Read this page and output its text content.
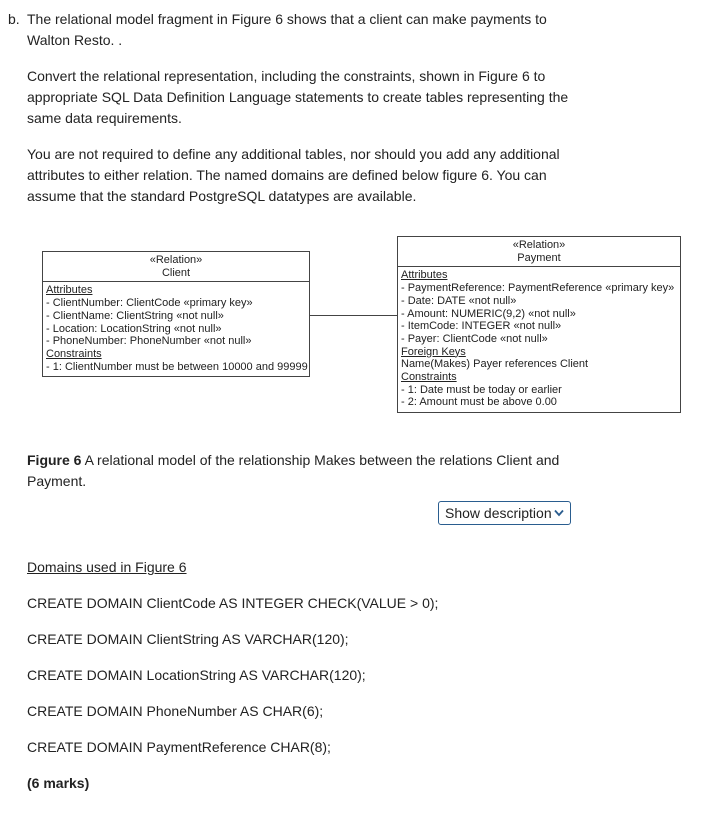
b. The relational model fragment in Figure 6 shows that a client can make payments to

Walton Resto. .

Convert the relational representation, including the constraints, shown in Figure 6 to

appropriate SQL Data Definition Language statements to create tables representing the

same data requirements.

You are not required to define any additional tables, nor should you add any additional

attributes to either relation. The named domains are defined below figure 6. You can

assume that the standard PostgreSQL datatypes are available.

«Relation»
Client
Attributes
- ClientNumber: ClientCode «primary key»
- ClientName: ClientString «not null»
- Location: LocationString «not null»
- PhoneNumber: PhoneNumber «not null»
Constraints
- 1: ClientNumber must be between 10000 and 99999
«Relation»
Payment
Attributes
- PaymentReference: PaymentReference «primary key»
- Date: DATE «not null»
- Amount: NUMERIC(9,2) «not null»
- ItemCode: INTEGER «not null»
- Payer: ClientCode «not null»
Foreign Keys
Name(Makes) Payer references Client
Constraints
- 1: Date must be today or earlier
- 2: Amount must be above 0.00

Figure 6 A relational model of the relationship Makes between the relations Client and

Payment.

Show description
Domains used in Figure 6
CREATE DOMAIN ClientCode AS INTEGER CHECK(VALUE > 0);
CREATE DOMAIN ClientString AS VARCHAR(120);
CREATE DOMAIN LocationString AS VARCHAR(120);
CREATE DOMAIN PhoneNumber AS CHAR(6);
CREATE DOMAIN PaymentReference CHAR(8);
(6 marks)
